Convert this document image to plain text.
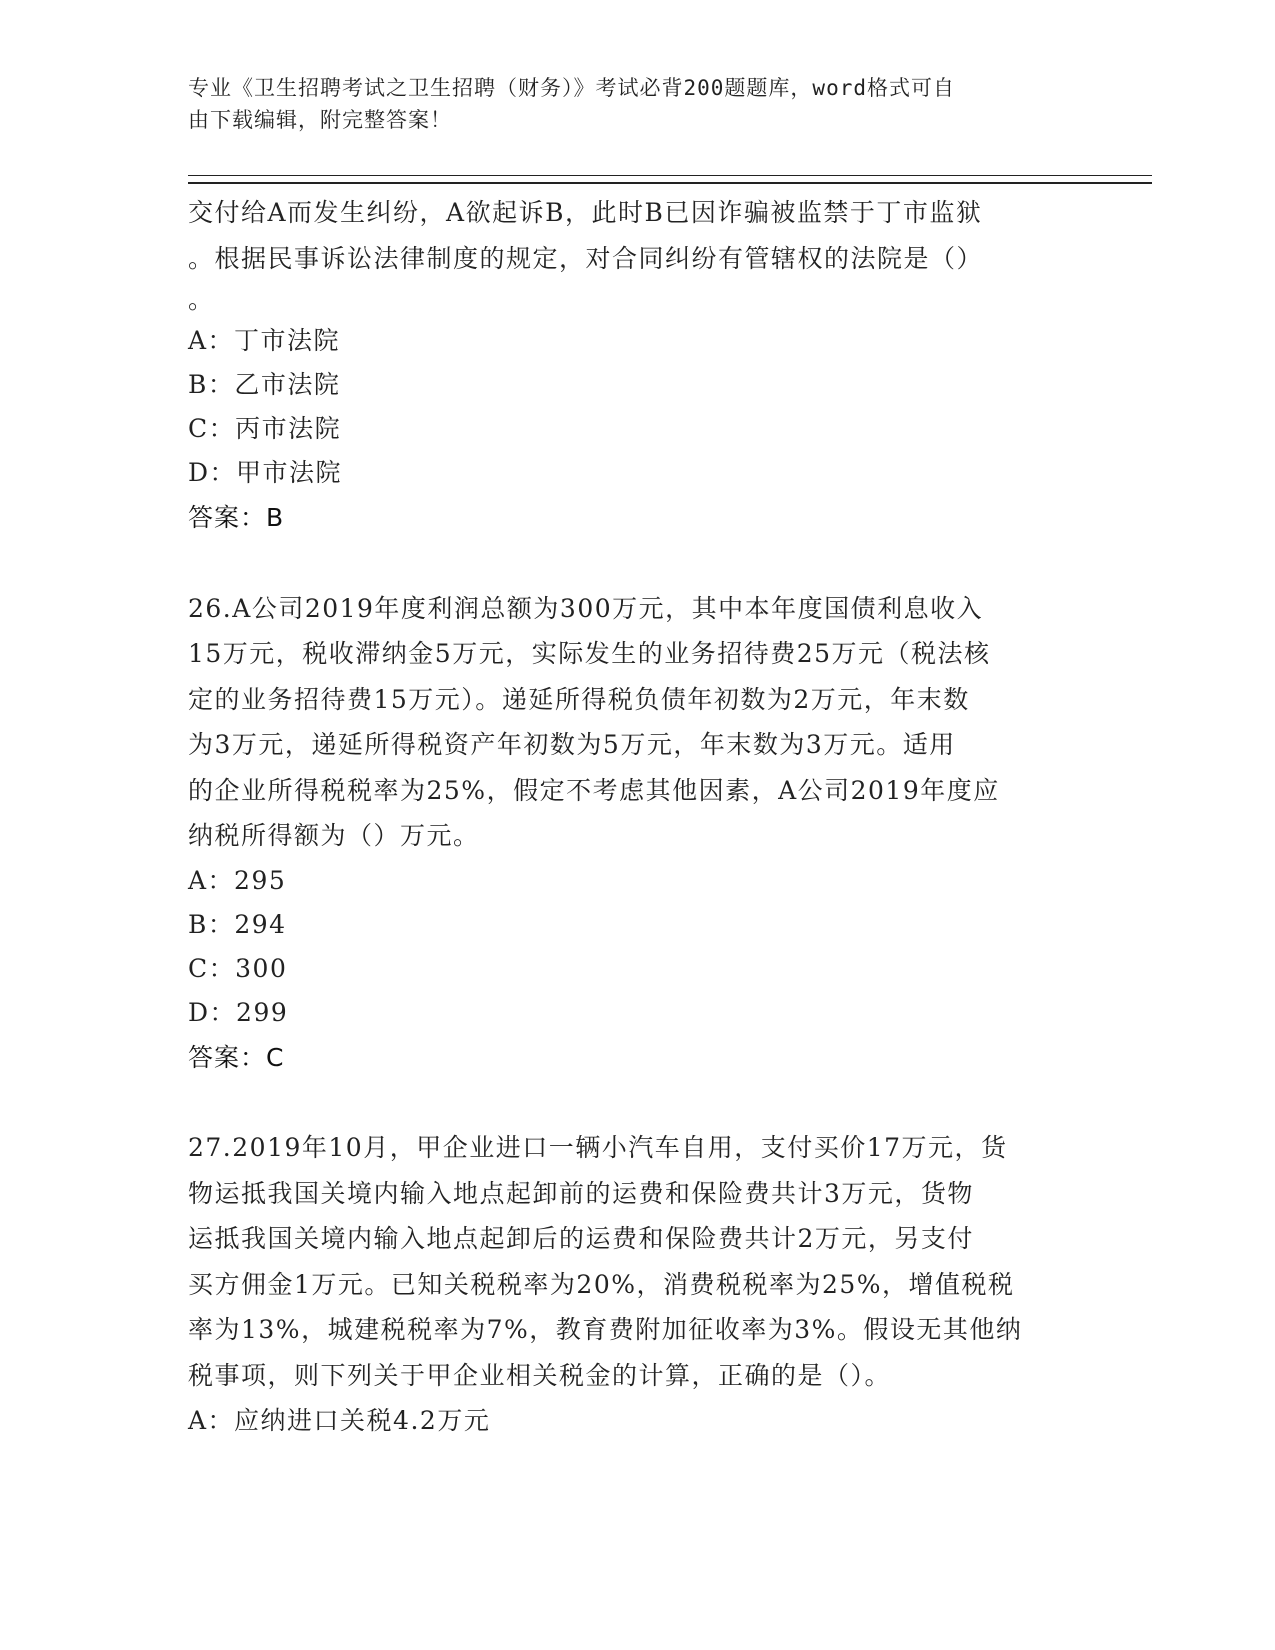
专业《卫生招聘考试之卫生招聘（财务）》考试必背200题题库，word格式可自
由下载编辑，附完整答案！
交付给A而发生纠纷，A欲起诉B，此时B已因诈骗被监禁于丁市监狱
。根据民事诉讼法律制度的规定，对合同纠纷有管辖权的法院是（）
。
A：丁市法院
B：乙市法院
C：丙市法院
D：甲市法院
答案：B
26.A公司2019年度利润总额为300万元，其中本年度国债利息收入
15万元，税收滞纳金5万元，实际发生的业务招待费25万元（税法核
定的业务招待费15万元）。递延所得税负债年初数为2万元，年末数
为3万元，递延所得税资产年初数为5万元，年末数为3万元。适用
的企业所得税税率为25%，假定不考虑其他因素，A公司2019年度应
纳税所得额为（）万元。
A：295
B：294
C：300
D：299
答案：C
27.2019年10月，甲企业进口一辆小汽车自用，支付买价17万元，货
物运抵我国关境内输入地点起卸前的运费和保险费共计3万元，货物
运抵我国关境内输入地点起卸后的运费和保险费共计2万元，另支付
买方佣金1万元。已知关税税率为20%，消费税税率为25%，增值税税
率为13%，城建税税率为7%，教育费附加征收率为3%。假设无其他纳
税事项，则下列关于甲企业相关税金的计算，正确的是（）。
A：应纳进口关税4.2万元
